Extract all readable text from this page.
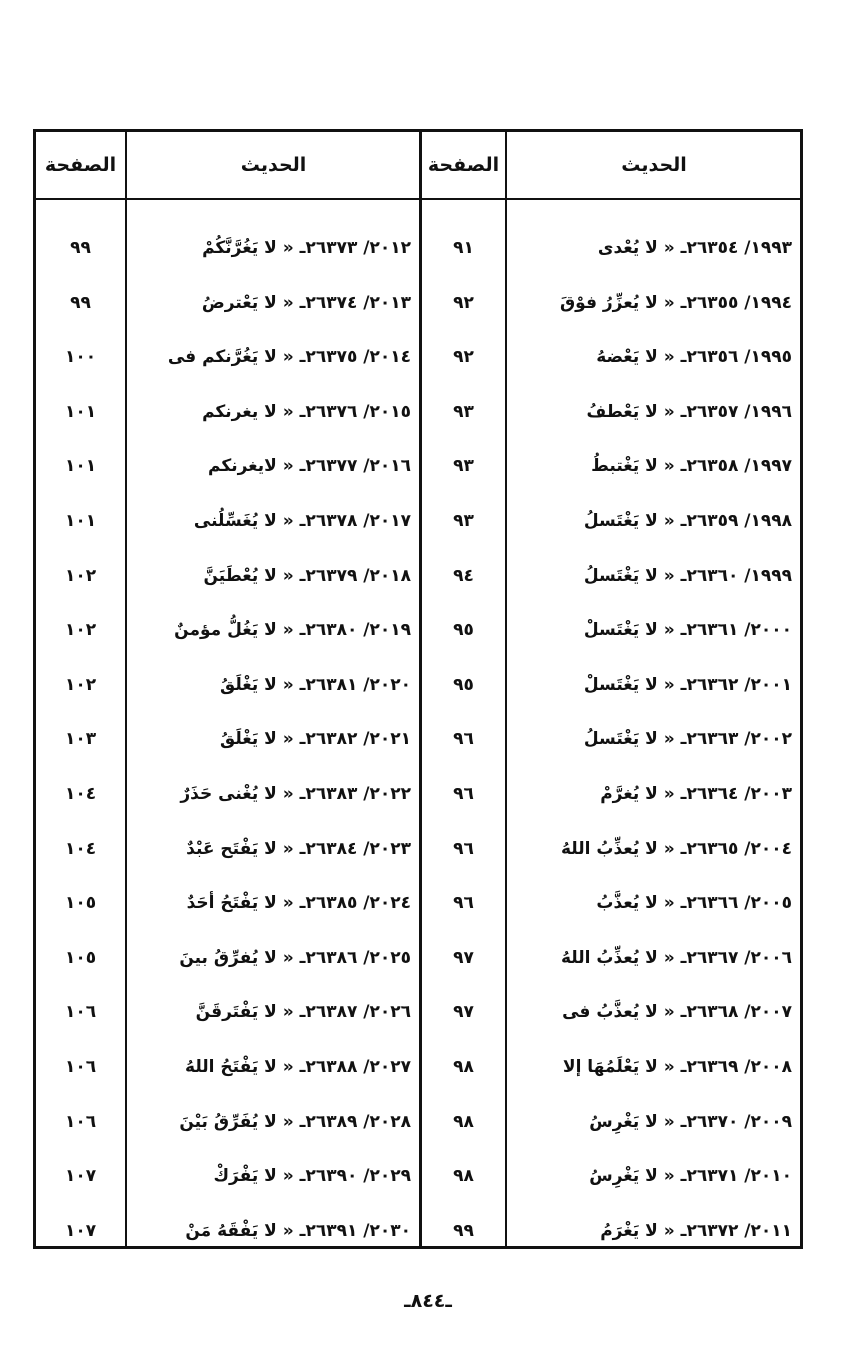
الحديث
الصفحة
الحديث
الصفحة
١٩٩٣/ ٢٦٣٥٤ـ « لا يُعْدى
٩١
٢٠١٢/ ٢٦٣٧٣ـ « لا يَغُرَّنَّكُمْ
٩٩
١٩٩٤/ ٢٦٣٥٥ـ « لا يُعزِّرُ فوْقَ
٩٢
٢٠١٣/ ٢٦٣٧٤ـ « لا يَعْترضُ
٩٩
١٩٩٥/ ٢٦٣٥٦ـ « لا يَعْضهُ
٩٢
٢٠١٤/ ٢٦٣٧٥ـ « لا يَغُرَّنكم فى
١٠٠
١٩٩٦/ ٢٦٣٥٧ـ « لا يَعْطفُ
٩٣
٢٠١٥/ ٢٦٣٧٦ـ « لا يغرنكم
١٠١
١٩٩٧/ ٢٦٣٥٨ـ « لا يَغْتبطُ
٩٣
٢٠١٦/ ٢٦٣٧٧ـ « لايغرنكم
١٠١
١٩٩٨/ ٢٦٣٥٩ـ « لا يَغْتَسلُ
٩٣
٢٠١٧/ ٢٦٣٧٨ـ « لا يُغَسِّلُنى
١٠١
١٩٩٩/ ٢٦٣٦٠ـ « لا يَغْتَسلُ
٩٤
٢٠١٨/ ٢٦٣٧٩ـ « لا يُعْطَيَنَّ
١٠٢
٢٠٠٠/ ٢٦٣٦١ـ « لا يَغْتَسلْ
٩٥
٢٠١٩/ ٢٦٣٨٠ـ « لا يَغُلُّ مؤمنٌ
١٠٢
٢٠٠١/ ٢٦٣٦٢ـ « لا يَغْتَسلْ
٩٥
٢٠٢٠/ ٢٦٣٨١ـ « لا يَغْلَقُ
١٠٢
٢٠٠٢/ ٢٦٣٦٣ـ « لا يَغْتَسلُ
٩٦
٢٠٢١/ ٢٦٣٨٢ـ « لا يَغْلَقُ
١٠٣
٢٠٠٣/ ٢٦٣٦٤ـ « لا يُغرَّمْ
٩٦
٢٠٢٢/ ٢٦٣٨٣ـ « لا يُغْنى حَذَرٌ
١٠٤
٢٠٠٤/ ٢٦٣٦٥ـ « لا يُعذِّبُ اللهُ
٩٦
٢٠٢٣/ ٢٦٣٨٤ـ « لا يَفْتَح عَبْدٌ
١٠٤
٢٠٠٥/ ٢٦٣٦٦ـ « لا يُعذَّبُ
٩٦
٢٠٢٤/ ٢٦٣٨٥ـ « لا يَفْتَحُ أحَدٌ
١٠٥
٢٠٠٦/ ٢٦٣٦٧ـ « لا يُعذِّبُ اللهُ
٩٧
٢٠٢٥/ ٢٦٣٨٦ـ « لا يُفرِّقُ بينَ
١٠٥
٢٠٠٧/ ٢٦٣٦٨ـ « لا يُعذَّبُ فى
٩٧
٢٠٢٦/ ٢٦٣٨٧ـ « لا يَفْتَرقَنَّ
١٠٦
٢٠٠٨/ ٢٦٣٦٩ـ « لا يَعْلَمُهَا إلا
٩٨
٢٠٢٧/ ٢٦٣٨٨ـ « لا يَفْتَحُ اللهُ
١٠٦
٢٠٠٩/ ٢٦٣٧٠ـ « لا يَغْرِسُ
٩٨
٢٠٢٨/ ٢٦٣٨٩ـ « لا يُفَرِّقُ بَيْنَ
١٠٦
٢٠١٠/ ٢٦٣٧١ـ « لا يَغْرِسُ
٩٨
٢٠٢٩/ ٢٦٣٩٠ـ « لا يَفْرَكْ
١٠٧
٢٠١١/ ٢٦٣٧٢ـ « لا يَغْرَمُ
٩٩
٢٠٣٠/ ٢٦٣٩١ـ « لا يَفْقَهُ مَنْ
١٠٧
ـ٨٤٤ـ
